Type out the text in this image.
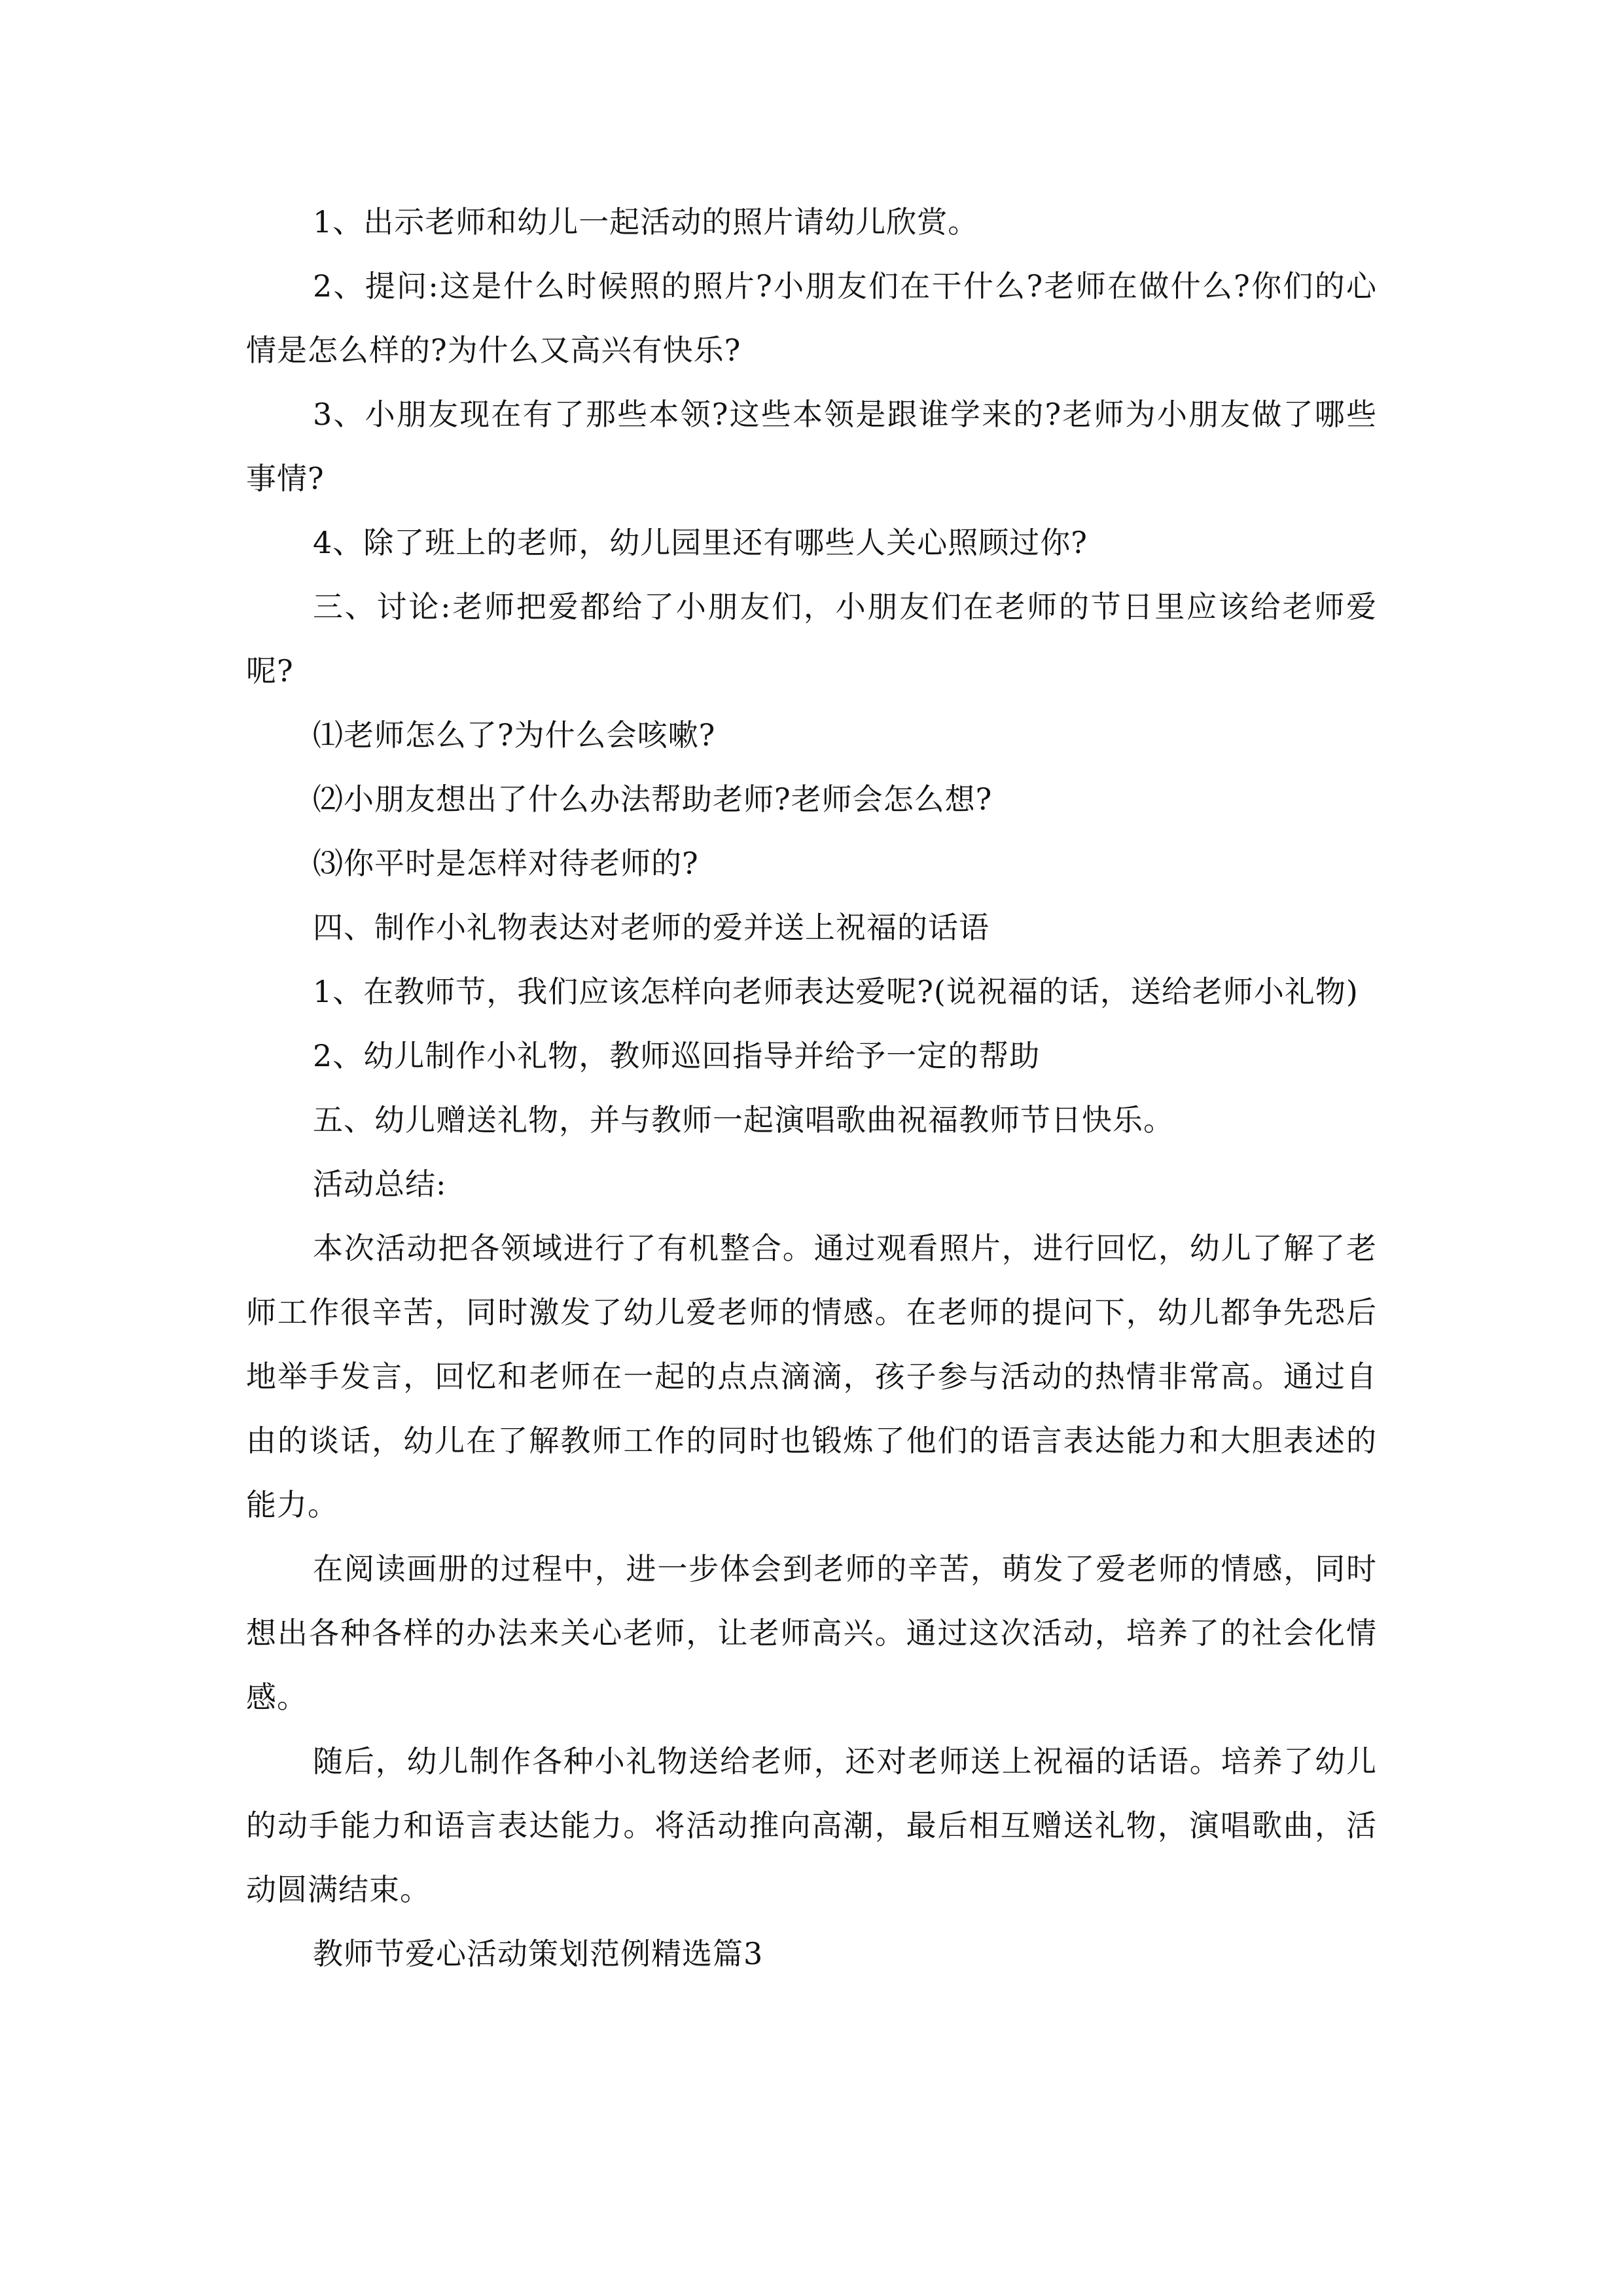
1、出示老师和幼儿一起活动的照片请幼儿欣赏。

2、提问:这是什么时候照的照片?小朋友们在干什么?老师在做什么?你们的心情是怎么样的?为什么又高兴有快乐?

3、小朋友现在有了那些本领?这些本领是跟谁学来的?老师为小朋友做了哪些事情?

4、除了班上的老师，幼儿园里还有哪些人关心照顾过你?

三、讨论:老师把爱都给了小朋友们，小朋友们在老师的节日里应该给老师爱呢?

⑴老师怎么了?为什么会咳嗽?

⑵小朋友想出了什么办法帮助老师?老师会怎么想?

⑶你平时是怎样对待老师的?

四、制作小礼物表达对老师的爱并送上祝福的话语

1、在教师节，我们应该怎样向老师表达爱呢?(说祝福的话，送给老师小礼物)

2、幼儿制作小礼物，教师巡回指导并给予一定的帮助

五、幼儿赠送礼物，并与教师一起演唱歌曲祝福教师节日快乐。

活动总结:

本次活动把各领域进行了有机整合。通过观看照片，进行回忆，幼儿了解了老师工作很辛苦，同时激发了幼儿爱老师的情感。在老师的提问下，幼儿都争先恐后地举手发言，回忆和老师在一起的点点滴滴，孩子参与活动的热情非常高。通过自由的谈话，幼儿在了解教师工作的同时也锻炼了他们的语言表达能力和大胆表述的能力。

在阅读画册的过程中，进一步体会到老师的辛苦，萌发了爱老师的情感，同时想出各种各样的办法来关心老师，让老师高兴。通过这次活动，培养了的社会化情感。

随后，幼儿制作各种小礼物送给老师，还对老师送上祝福的话语。培养了幼儿的动手能力和语言表达能力。将活动推向高潮，最后相互赠送礼物，演唱歌曲，活动圆满结束。

教师节爱心活动策划范例精选篇3
